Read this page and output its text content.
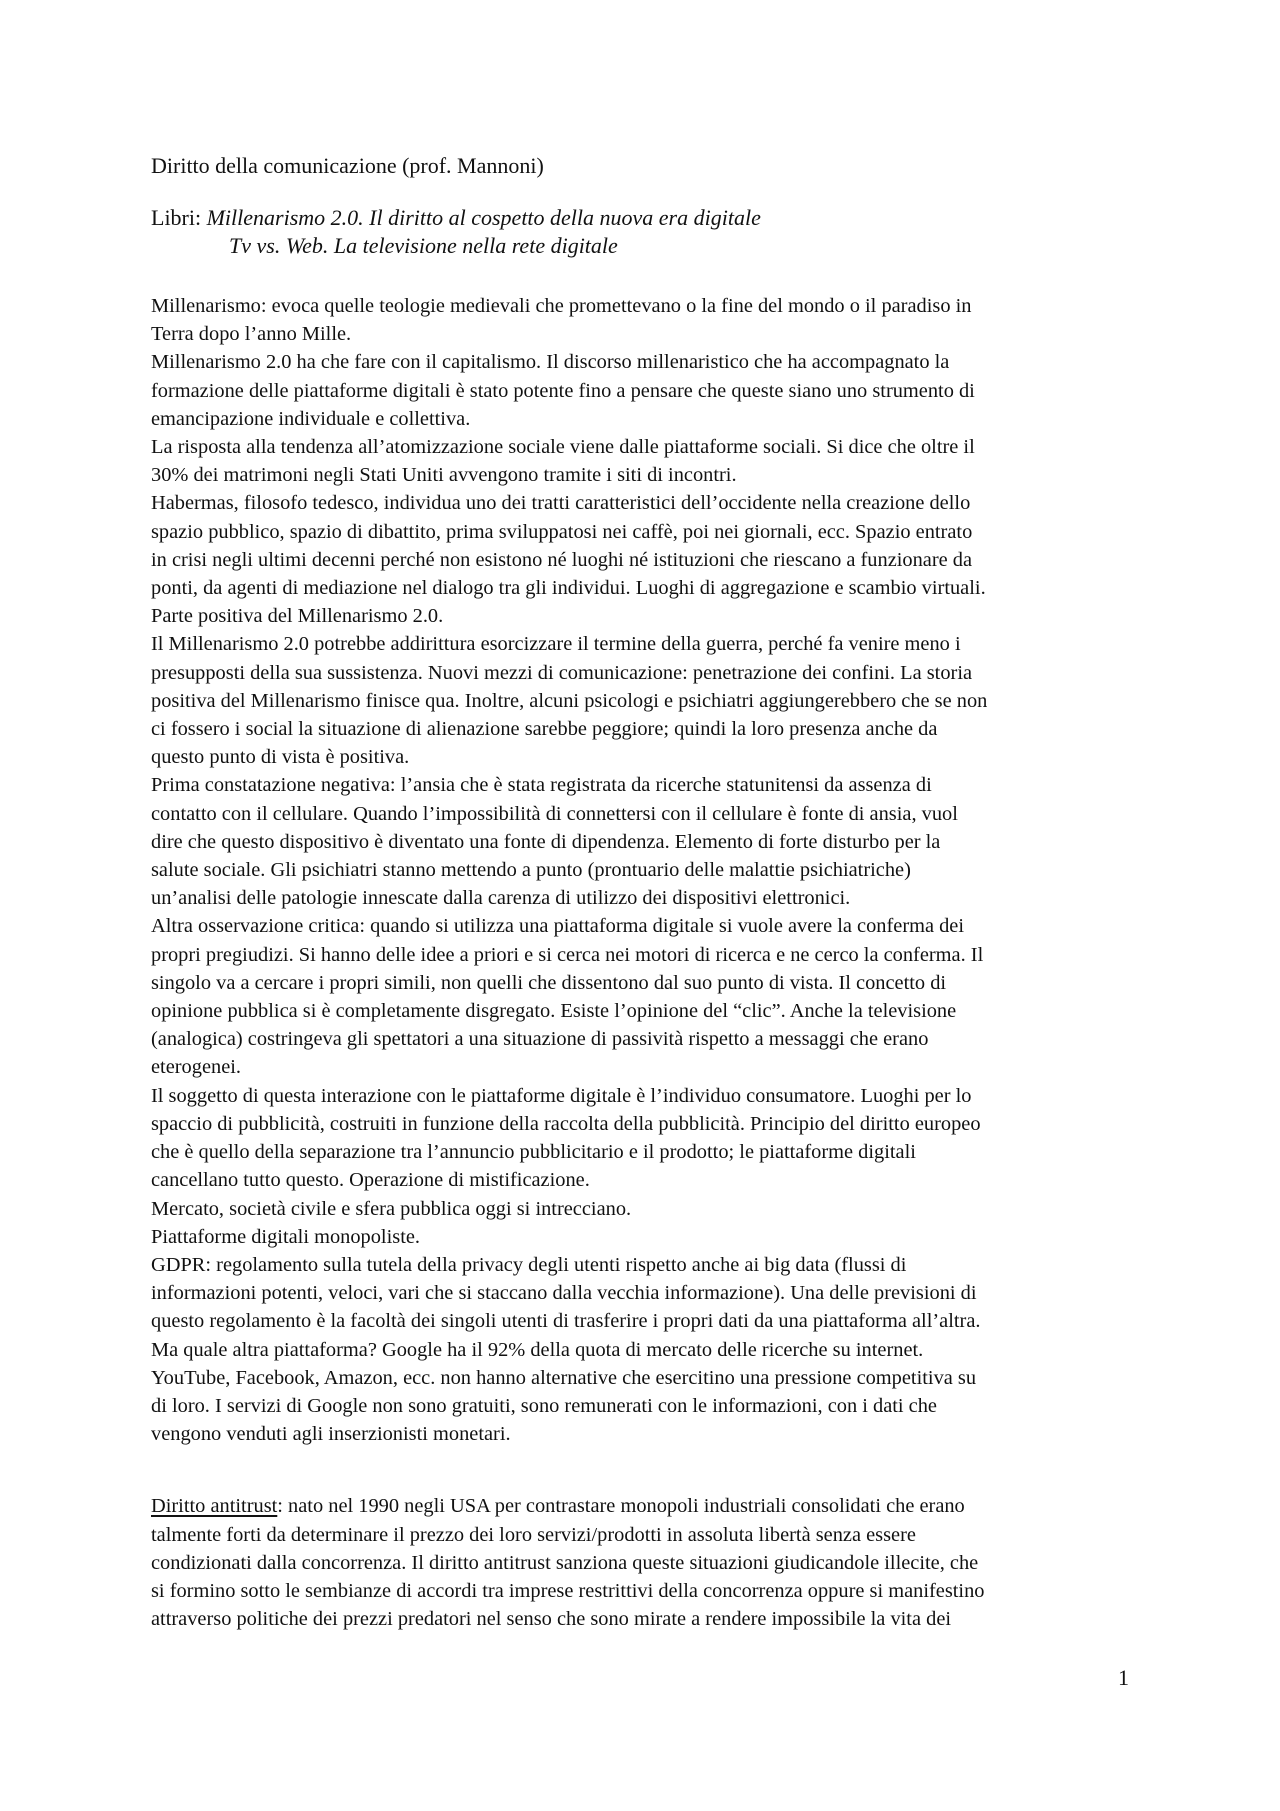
Diritto della comunicazione (prof. Mannoni)
Libri: Millenarismo 2.0. Il diritto al cospetto della nuova era digitale
Tv vs. Web. La televisione nella rete digitale

Millenarismo: evoca quelle teologie medievali che promettevano o la fine del mondo o il paradiso in

Terra dopo l’anno Mille.

Millenarismo 2.0 ha che fare con il capitalismo. Il discorso millenaristico che ha accompagnato la

formazione delle piattaforme digitali è stato potente fino a pensare che queste siano uno strumento di

emancipazione individuale e collettiva.

La risposta alla tendenza all’atomizzazione sociale viene dalle piattaforme sociali. Si dice che oltre il

30% dei matrimoni negli Stati Uniti avvengono tramite i siti di incontri.

Habermas, filosofo tedesco, individua uno dei tratti caratteristici dell’occidente nella creazione dello

spazio pubblico, spazio di dibattito, prima sviluppatosi nei caffè, poi nei giornali, ecc. Spazio entrato

in crisi negli ultimi decenni perché non esistono né luoghi né istituzioni che riescano a funzionare da

ponti, da agenti di mediazione nel dialogo tra gli individui. Luoghi di aggregazione e scambio virtuali.

Parte positiva del Millenarismo 2.0.

Il Millenarismo 2.0 potrebbe addirittura esorcizzare il termine della guerra, perché fa venire meno i

presupposti della sua sussistenza. Nuovi mezzi di comunicazione: penetrazione dei confini. La storia

positiva del Millenarismo finisce qua. Inoltre, alcuni psicologi e psichiatri aggiungerebbero che se non

ci fossero i social la situazione di alienazione sarebbe peggiore; quindi la loro presenza anche da

questo punto di vista è positiva.

Prima constatazione negativa: l’ansia che è stata registrata da ricerche statunitensi da assenza di

contatto con il cellulare. Quando l’impossibilità di connettersi con il cellulare è fonte di ansia, vuol

dire che questo dispositivo è diventato una fonte di dipendenza. Elemento di forte disturbo per la

salute sociale. Gli psichiatri stanno mettendo a punto (prontuario delle malattie psichiatriche)

un’analisi delle patologie innescate dalla carenza di utilizzo dei dispositivi elettronici.

Altra osservazione critica: quando si utilizza una piattaforma digitale si vuole avere la conferma dei

propri pregiudizi. Si hanno delle idee a priori e si cerca nei motori di ricerca e ne cerco la conferma. Il

singolo va a cercare i propri simili, non quelli che dissentono dal suo punto di vista. Il concetto di

opinione pubblica si è completamente disgregato. Esiste l’opinione del “clic”. Anche la televisione

(analogica) costringeva gli spettatori a una situazione di passività rispetto a messaggi che erano

eterogenei.

Il soggetto di questa interazione con le piattaforme digitale è l’individuo consumatore. Luoghi per lo

spaccio di pubblicità, costruiti in funzione della raccolta della pubblicità. Principio del diritto europeo

che è quello della separazione tra l’annuncio pubblicitario e il prodotto; le piattaforme digitali

cancellano tutto questo. Operazione di mistificazione.

Mercato, società civile e sfera pubblica oggi si intrecciano.

Piattaforme digitali monopoliste.

GDPR: regolamento sulla tutela della privacy degli utenti rispetto anche ai big data (flussi di

informazioni potenti, veloci, vari che si staccano dalla vecchia informazione). Una delle previsioni di

questo regolamento è la facoltà dei singoli utenti di trasferire i propri dati da una piattaforma all’altra.

Ma quale altra piattaforma? Google ha il 92% della quota di mercato delle ricerche su internet.

YouTube, Facebook, Amazon, ecc. non hanno alternative che esercitino una pressione competitiva su

di loro. I servizi di Google non sono gratuiti, sono remunerati con le informazioni, con i dati che

vengono venduti agli inserzionisti monetari.

Diritto antitrust: nato nel 1990 negli USA per contrastare monopoli industriali consolidati che erano

talmente forti da determinare il prezzo dei loro servizi/prodotti in assoluta libertà senza essere

condizionati dalla concorrenza. Il diritto antitrust sanziona queste situazioni giudicandole illecite, che

si formino sotto le sembianze di accordi tra imprese restrittivi della concorrenza oppure si manifestino

attraverso politiche dei prezzi predatori nel senso che sono mirate a rendere impossibile la vita dei

1
